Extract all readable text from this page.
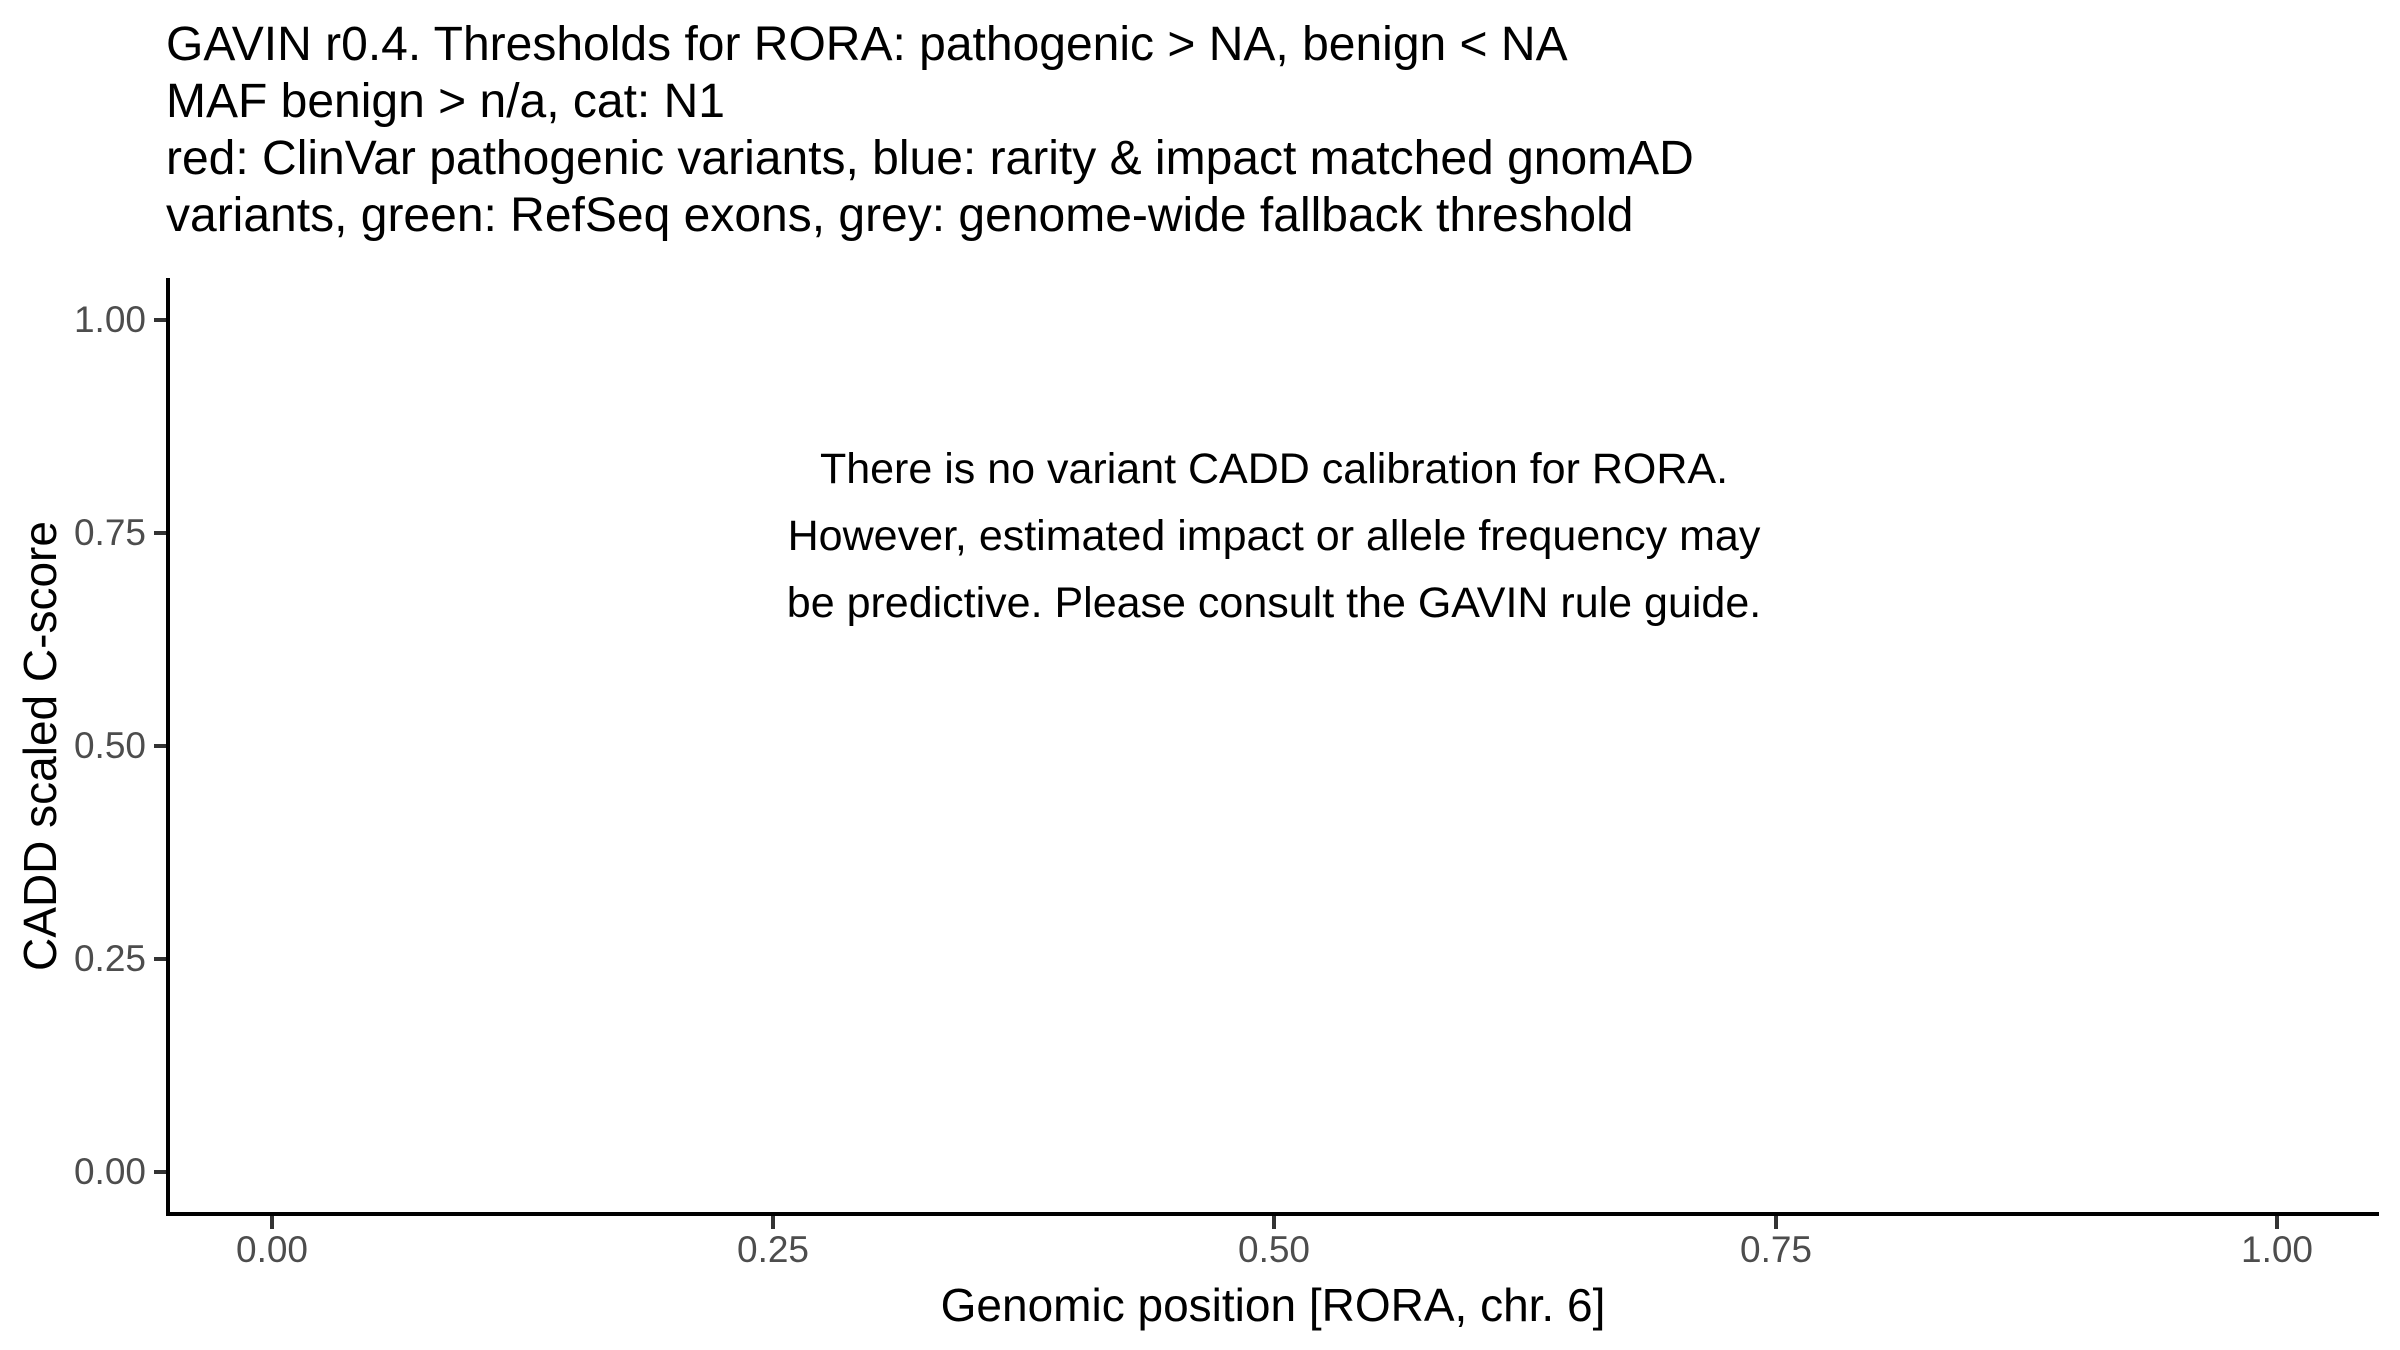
GAVIN r0.4. Thresholds for RORA: pathogenic > NA, benign < NA
MAF benign > n/a, cat: N1
red: ClinVar pathogenic variants, blue: rarity & impact matched gnomAD
variants, green: RefSeq exons, grey: genome-wide fallback threshold
1.00
0.75
0.50
0.25
0.00
0.00	0.25	0.50	0.75	1.00
Genomic position [RORA, chr. 6]
CADD scaled C-score
There is no variant CADD calibration for RORA.
However, estimated impact or allele frequency may
be predictive. Please consult the GAVIN rule guide.
